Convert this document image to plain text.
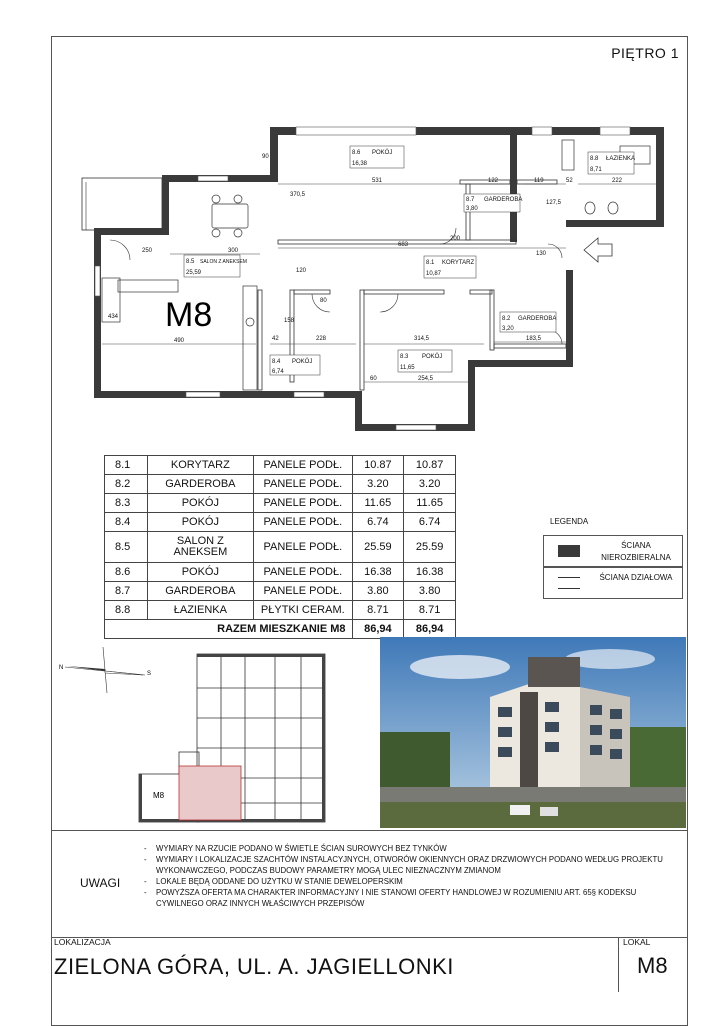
PIĘTRO 1
M8
8.6 POKÓJ
16,38
8.8 ŁAZIENKA
8,71
8.7 GARDEROBA
3,80
8.5 SALON Z ANEKSEM
25,59
8.1 KORYTARZ
10,87
8.2 GARDEROBA
3,20
8.4 POKÓJ
6,74
8.3 POKÓJ
11,65
531	122	119	52	222
300
250
683
490	228	314,5	183,5
254,5
120
158
42
127,5
370,5
434
130
60
80
90
200
8.1	KORYTARZ	PANELE PODŁ.	10.87	10.87
8.2	GARDEROBA	PANELE PODŁ.	3.20	3.20
8.3	POKÓJ	PANELE PODŁ.	11.65	11.65
8.4	POKÓJ	PANELE PODŁ.	6.74	6.74
8.5	SALON Z ANEKSEM	PANELE PODŁ.	25.59	25.59
8.6	POKÓJ	PANELE PODŁ.	16.38	16.38
8.7	GARDEROBA	PANELE PODŁ.	3.80	3.80
8.8	ŁAZIENKA	PŁYTKI CERAM.	8.71	8.71
RAZEM MIESZKANIE M8			86,94	86,94
LEGENDA
ŚCIANA NIEROZBIERALNA
ŚCIANA DZIAŁOWA
N
S
M8
UWAGI
- WYMIARY NA RZUCIE PODANO W ŚWIETLE ŚCIAN SUROWYCH BEZ TYNKÓW
- WYMIARY I LOKALIZACJE SZACHTÓW INSTALACYJNYCH, OTWORÓW OKIENNYCH ORAZ DRZWIOWYCH PODANO WEDŁUG PROJEKTU WYKONAWCZEGO, PODCZAS BUDOWY PARAMETRY MOGĄ ULEC NIEZNACZNYM ZMIANOM
- LOKALE BĘDĄ ODDANE DO UŻYTKU W STANIE DEWELOPERSKIM
- POWYŻSZA OFERTA MA CHARAKTER INFORMACYJNY I NIE STANOWI OFERTY HANDLOWEJ W ROZUMIENIU ART. 65§ KODEKSU CYWILNEGO ORAZ INNYCH WŁAŚCIWYCH PRZEPISÓW
LOKALIZACJA
ZIELONA GÓRA, UL. A. JAGIELLONKI
LOKAL
M8
